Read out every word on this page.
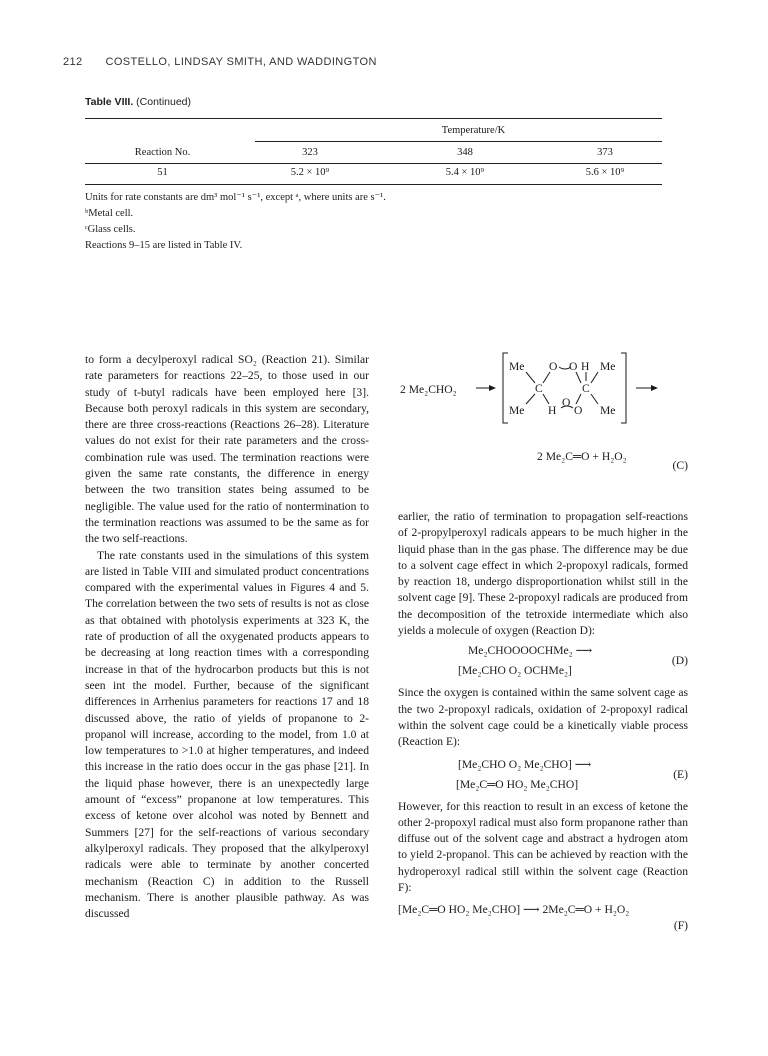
212 COSTELLO, LINDSAY SMITH, AND WADDINGTON
Table VIII. (Continued)
Temperature/K
Reaction No.	323	348	373
51	5.2 × 10⁹	5.4 × 10⁹	5.6 × 10⁹
Units for rate constants are dm³ mol⁻¹ s⁻¹, except ᵃ, where units are s⁻¹.
ᵇMetal cell.
ᶜGlass cells.
Reactions 9–15 are listed in Table IV.

to form a decylperoxyl radical SO₂ (Reaction 21). Similar rate parameters for reactions 22–25, to those used in our study of t-butyl radicals have been employed here [3]. Because both peroxyl radicals in this system are secondary, there are three cross-reactions (Reactions 26–28). Literature values do not exist for their rate parameters and the cross-combination rule was used. The termination reactions were given the same rate constants, the difference in energy between the two transition states being assumed to be negligible. The value used for the ratio of nontermination to the termination reactions was assumed to be the same as for the two self-reactions.

The rate constants used in the simulations of this system are listed in Table VIII and simulated product concentrations compared with the experimental values in Figures 4 and 5. The correlation between the two sets of results is not as close as that obtained with photolysis experiments at 323 K, the rate of production of all the oxygenated products appears to be decreasing at long reaction times with a corresponding increase in that of the hydrocarbon products but this is not seen int the model. Further, because of the significant differences in Arrhenius parameters for reactions 17 and 18 discussed above, the ratio of yields of propanone to 2-propanol will increase, according to the model, from 1.0 at low temperatures to >1.0 at higher temperatures, and indeed this increase in the ratio does occur in the gas phase [21]. In the liquid phase however, there is an unexpectedly large amount of “excess” propanone at low temperatures. This excess of ketone over alcohol was noted by Bennett and Summers [27] for the self-reactions of various secondary alkylperoxyl radicals. They proposed that the alkylperoxyl radicals were able to terminate by another concerted mechanism (Reaction C) in addition to the Russell mechanism. There is another plausible pathway. As was discussed

2 Me₂CHO₂
Me O O H Me
C	C
Me H
O
O Me
2 Me₂C═O + H₂O₂
(C)

earlier, the ratio of termination to propagation self-reactions of 2-propylperoxyl radicals appears to be much higher in the liquid phase than in the gas phase. The difference may be due to a solvent cage effect in which 2-propoxyl radicals, formed by reaction 18, undergo disproportionation whilst still in the solvent cage [9]. These 2-propoxyl radicals are produced from the decomposition of the tetroxide intermediate which also yields a molecule of oxygen (Reaction D):

Me₂CHOOOOCHMe₂ ⟶
[Me₂CHO O₂ OCHMe₂]
(D)

Since the oxygen is contained within the same solvent cage as the two 2-propoxyl radicals, oxidation of 2-propoxyl radical within the solvent cage could be a kinetically viable process (Reaction E):

[Me₂CHO O₂ Me₂CHO] ⟶
[Me₂C═O HO₂ Me₂CHO]
(E)

However, for this reaction to result in an excess of ketone the other 2-propoxyl radical must also form propanone rather than diffuse out of the solvent cage and abstract a hydrogen atom to yield 2-propanol. This can be achieved by reaction with the hydroperoxyl radical still within the solvent cage (Reaction F):

[Me₂C═O HO₂ Me₂CHO] ⟶ 2Me₂C═O + H₂O₂
(F)
